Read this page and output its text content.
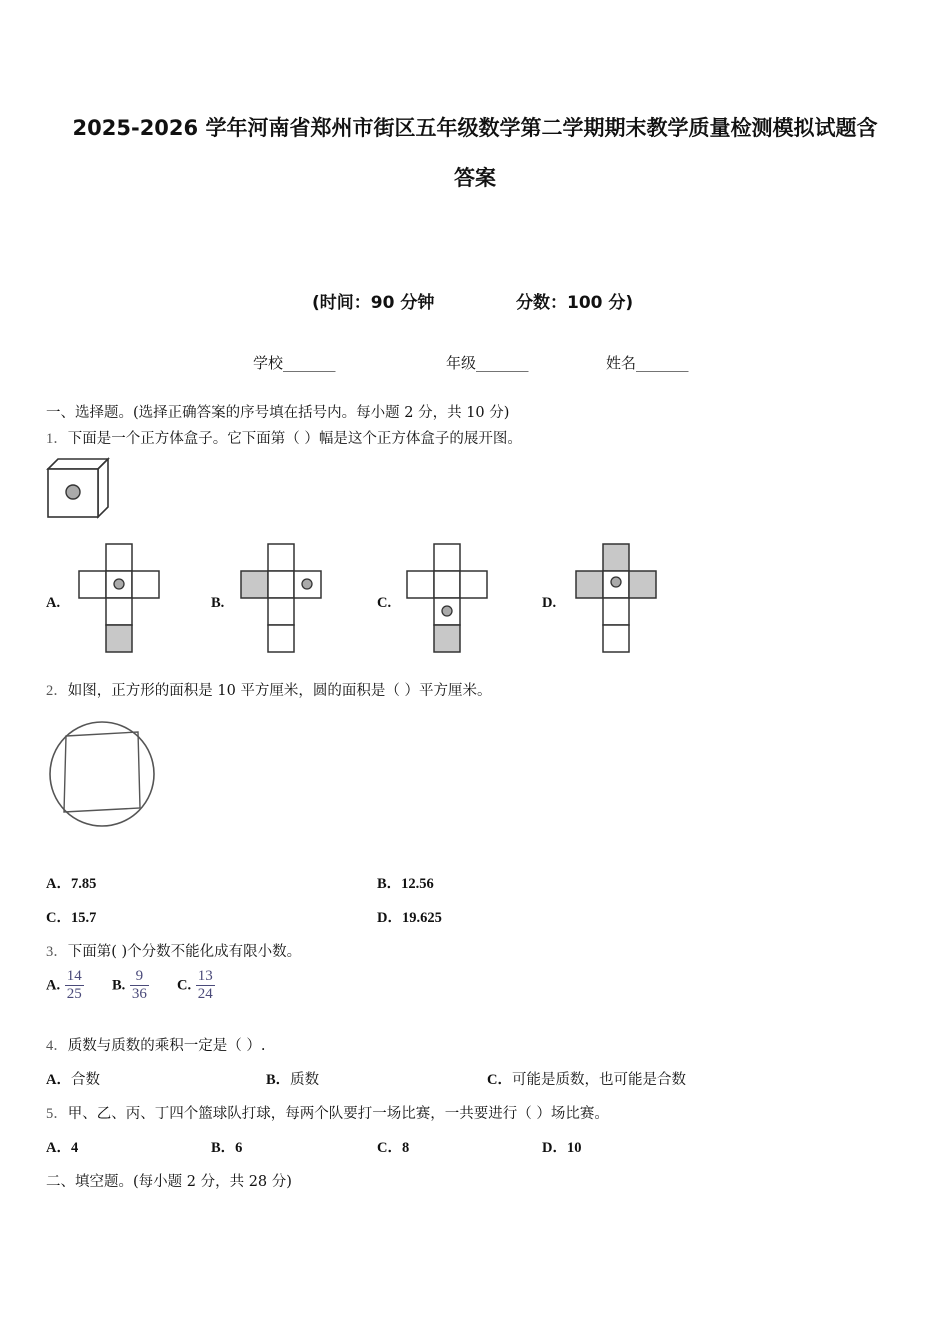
2025-2026 学年河南省郑州市街区五年级数学第二学期期末教学质量检测模拟试题含
答案
(时间：90 分钟	分数：100 分)
学校_______	年级_______	姓名_______
一、选择题。(选择正确答案的序号填在括号内。每小题 2 分，共 10 分)
1．下面是一个正方体盒子。它下面第（ ）幅是这个正方体盒子的展开图。
A.	B.	C.	D.
2．如图，正方形的面积是 10 平方厘米，圆的面积是（ ）平方厘米。
A．7.85	B．12.56
C．15.7	D．19.625
3．下面第( )个分数不能化成有限小数。
A. $\frac{14}{25} B$. $\frac{9}{36} C$. $\frac{13}{24}$
4．质数与质数的乘积一定是（ ）.
A．合数	B．质数	C．可能是质数，也可能是合数
5．甲、乙、丙、丁四个篮球队打球，每两个队要打一场比赛，一共要进行（ ）场比赛。
A．4	B．6	C．8	D．10
二、填空题。(每小题 2 分，共 28 分)
